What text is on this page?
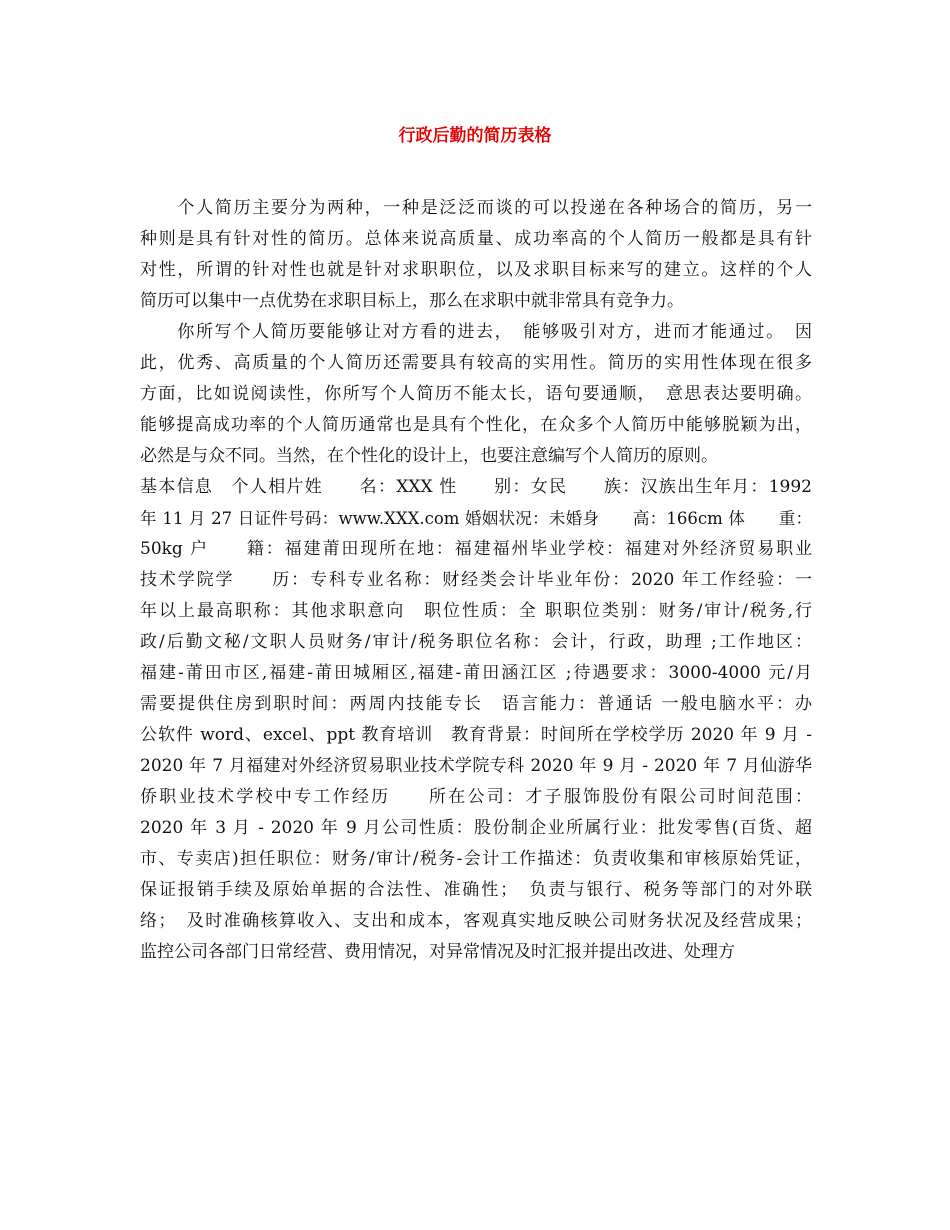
行政后勤的简历表格
　　个人简历主要分为两种，一种是泛泛而谈的可以投递在各种场合的简历，另一
种则是具有针对性的简历。总体来说高质量、成功率高的个人简历一般都是具有针
对性，所谓的针对性也就是针对求职职位，以及求职目标来写的建立。这样的个人
简历可以集中一点优势在求职目标上，那么在求职中就非常具有竞争力。
　　你所写个人简历要能够让对方看的进去，　能够吸引对方，进而才能通过。　因
此，优秀、高质量的个人简历还需要具有较高的实用性。简历的实用性体现在很多
方面，比如说阅读性，你所写个人简历不能太长，语句要通顺，　意思表达要明确。
能够提高成功率的个人简历通常也是具有个性化，在众多个人简历中能够脱颖为出，
必然是与众不同。当然，在个性化的设计上，也要注意编写个人简历的原则。
基本信息　个人相片姓　　名：XXX 性　　别：女民　　族：汉族出生年月：1992
年 11 月 27 日证件号码：www.XXX.com 婚姻状况：未婚身　　高：166cm 体　　重：
50kg 户　　籍：福建莆田现所在地：福建福州毕业学校：福建对外经济贸易职业
技术学院学　　历：专科专业名称：财经类会计毕业年份：2020 年工作经验：一
年以上最高职称：其他求职意向　职位性质：全 职职位类别：财务/审计/税务,行
政/后勤文秘/文职人员财务/审计/税务职位名称：会计，行政，助理 ;工作地区：
福建-莆田市区,福建-莆田城厢区,福建-莆田涵江区 ;待遇要求：3000-4000 元/月
需要提供住房到职时间：两周内技能专长　语言能力：普通话 一般电脑水平：办
公软件 word、excel、ppt 教育培训　教育背景：时间所在学校学历 2020 年 9 月 -
2020 年 7 月福建对外经济贸易职业技术学院专科 2020 年 9 月 - 2020 年 7 月仙游华
侨职业技术学校中专工作经历　　所在公司：才子服饰股份有限公司时间范围：
2020 年 3 月 - 2020 年 9 月公司性质：股份制企业所属行业：批发零售(百货、超
市、专卖店)担任职位：财务/审计/税务-会计工作描述：负责收集和审核原始凭证，
保证报销手续及原始单据的合法性、准确性；　负责与银行、税务等部门的对外联
络；　及时准确核算收入、支出和成本，客观真实地反映公司财务状况及经营成果；
监控公司各部门日常经营、费用情况，对异常情况及时汇报并提出改进、处理方
